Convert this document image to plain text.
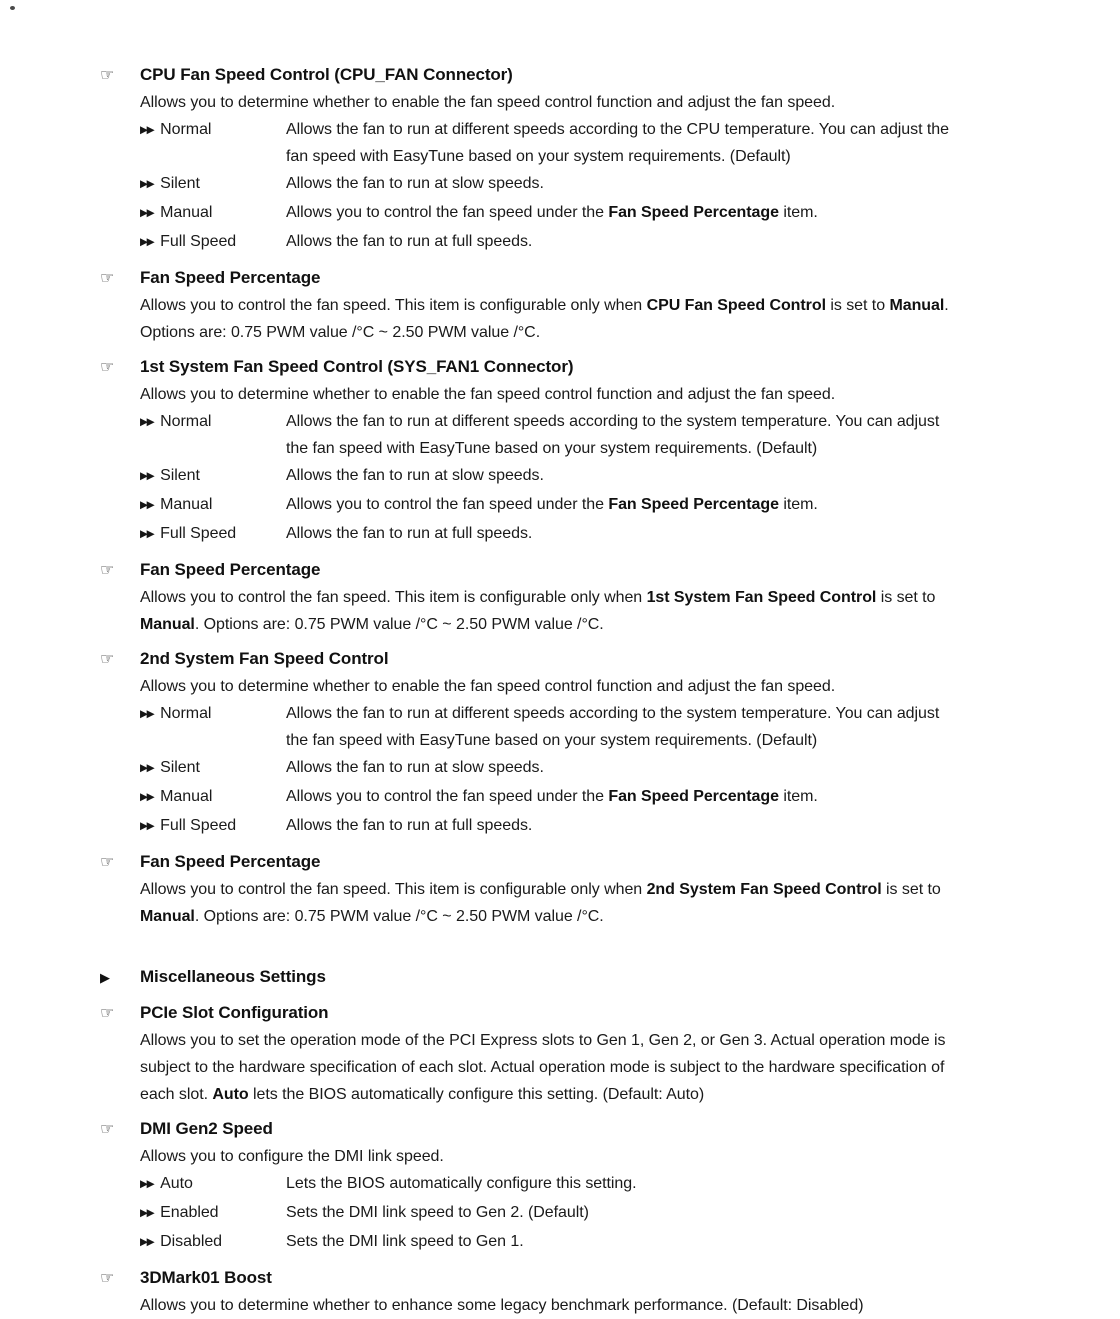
☞	CPU Fan Speed Control (CPU_FAN Connector)

Allows you to determine whether to enable the fan speed control function and adjust the fan speed.

▶▶ Normal	Allows the fan to run at different speeds according to the CPU temperature. You can adjust the fan speed with EasyTune based on your system requirements. (Default)
▶▶ Silent	Allows the fan to run at slow speeds.
▶▶ Manual	Allows you to control the fan speed under the Fan Speed Percentage item.
▶▶ Full Speed	Allows the fan to run at full speeds.
☞	Fan Speed Percentage

Allows you to control the fan speed. This item is configurable only when CPU Fan Speed Control is set to Manual. Options are: 0.75 PWM value /°C ~ 2.50 PWM value /°C.

☞	1st System Fan Speed Control (SYS_FAN1 Connector)

Allows you to determine whether to enable the fan speed control function and adjust the fan speed.

▶▶ Normal	Allows the fan to run at different speeds according to the system temperature. You can adjust the fan speed with EasyTune based on your system requirements. (Default)
▶▶ Silent	Allows the fan to run at slow speeds.
▶▶ Manual	Allows you to control the fan speed under the Fan Speed Percentage item.
▶▶ Full Speed	Allows the fan to run at full speeds.
☞	Fan Speed Percentage

Allows you to control the fan speed. This item is configurable only when 1st System Fan Speed Control is set to Manual. Options are: 0.75 PWM value /°C ~ 2.50 PWM value /°C.

☞	2nd System Fan Speed Control

Allows you to determine whether to enable the fan speed control function and adjust the fan speed.

▶▶ Normal	Allows the fan to run at different speeds according to the system temperature. You can adjust the fan speed with EasyTune based on your system requirements. (Default)
▶▶ Silent	Allows the fan to run at slow speeds.
▶▶ Manual	Allows you to control the fan speed under the Fan Speed Percentage item.
▶▶ Full Speed	Allows the fan to run at full speeds.
☞	Fan Speed Percentage

Allows you to control the fan speed. This item is configurable only when 2nd System Fan Speed Control is set to Manual. Options are: 0.75 PWM value /°C ~ 2.50 PWM value /°C.

▶	Miscellaneous Settings
☞	PCIe Slot Configuration

Allows you to set the operation mode of the PCI Express slots to Gen 1, Gen 2, or Gen 3. Actual operation mode is subject to the hardware specification of each slot. Actual operation mode is subject to the hardware specification of each slot. Auto lets the BIOS automatically configure this setting. (Default: Auto)

☞	DMI Gen2 Speed

Allows you to configure the DMI link speed.

▶▶ Auto	Lets the BIOS automatically configure this setting.
▶▶ Enabled	Sets the DMI link speed to Gen 2. (Default)
▶▶ Disabled	Sets the DMI link speed to Gen 1.
☞	3DMark01 Boost

Allows you to determine whether to enhance some legacy benchmark performance. (Default: Disabled)
